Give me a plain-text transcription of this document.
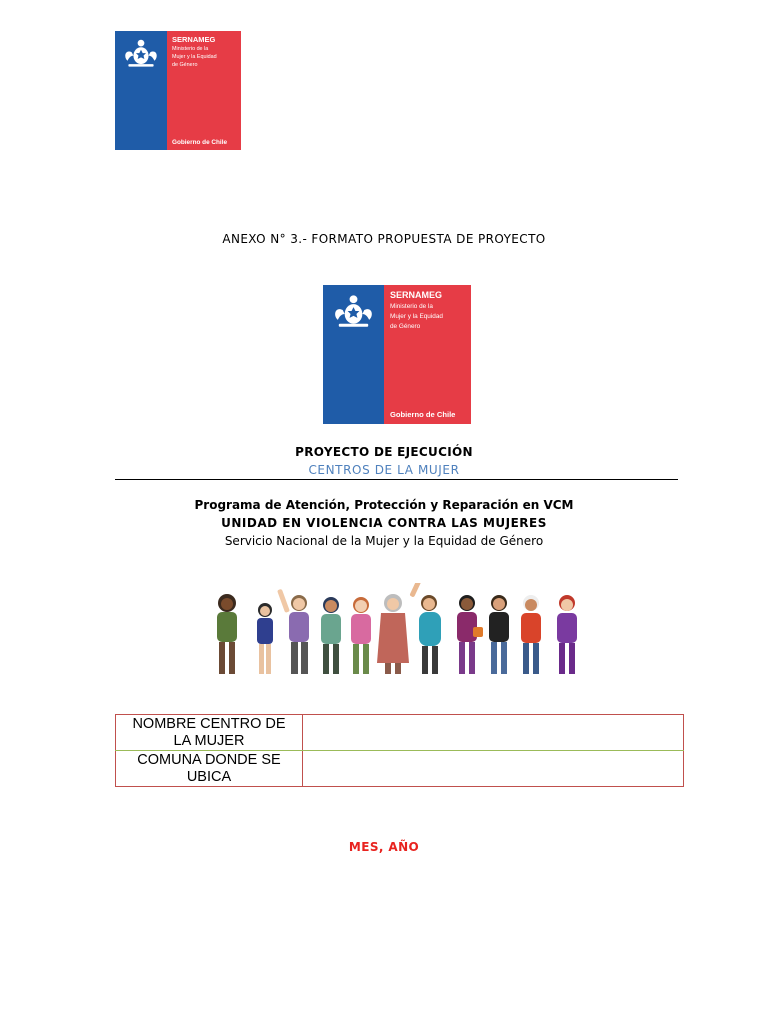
SERNAMEG
Ministerio de la
Mujer y la Equidad
de Género
Gobierno de Chile
ANEXO N° 3.- FORMATO PROPUESTA DE PROYECTO
SERNAMEG
Ministerio de la
Mujer y la Equidad
de Género
Gobierno de Chile
PROYECTO DE EJECUCIÓN
CENTROS DE LA MUJER
Programa de Atención, Protección y Reparación en VCM
UNIDAD EN VIOLENCIA CONTRA LAS MUJERES
Servicio Nacional de la Mujer y la Equidad de Género
NOMBRE CENTRO DE
LA MUJER	
COMUNA DONDE SE
UBICA	
MES, AÑO
